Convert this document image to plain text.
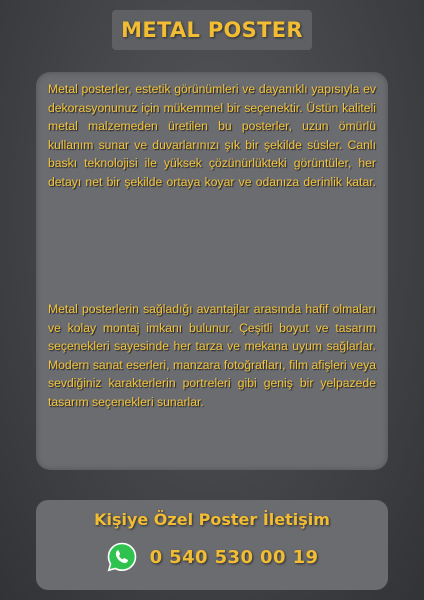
METAL POSTER

Metal posterler, estetik görünümleri ve dayanıklı yapısıyla ev dekorasyonunuz için mükemmel bir seçenektir. Üstün kaliteli metal malzemeden üretilen bu posterler, uzun ömürlü kullanım sunar ve duvarlarınızı şık bir şekilde süsler. Canlı baskı teknolojisi ile yüksek çözünürlükteki görüntüler, her detayı net bir şekilde ortaya koyar ve odanıza derinlik katar.

Metal posterlerin sağladığı avantajlar arasında hafif olmaları ve kolay montaj imkanı bulunur. Çeşitli boyut ve tasarım seçenekleri sayesinde her tarza ve mekana uyum sağlarlar. Modern sanat eserleri, manzara fotoğrafları, film afişleri veya sevdiğiniz karakterlerin portreleri gibi geniş bir yelpazede tasarım seçenekleri sunarlar.

Kişiye Özel Poster İletişim
0 540 530 00 19
